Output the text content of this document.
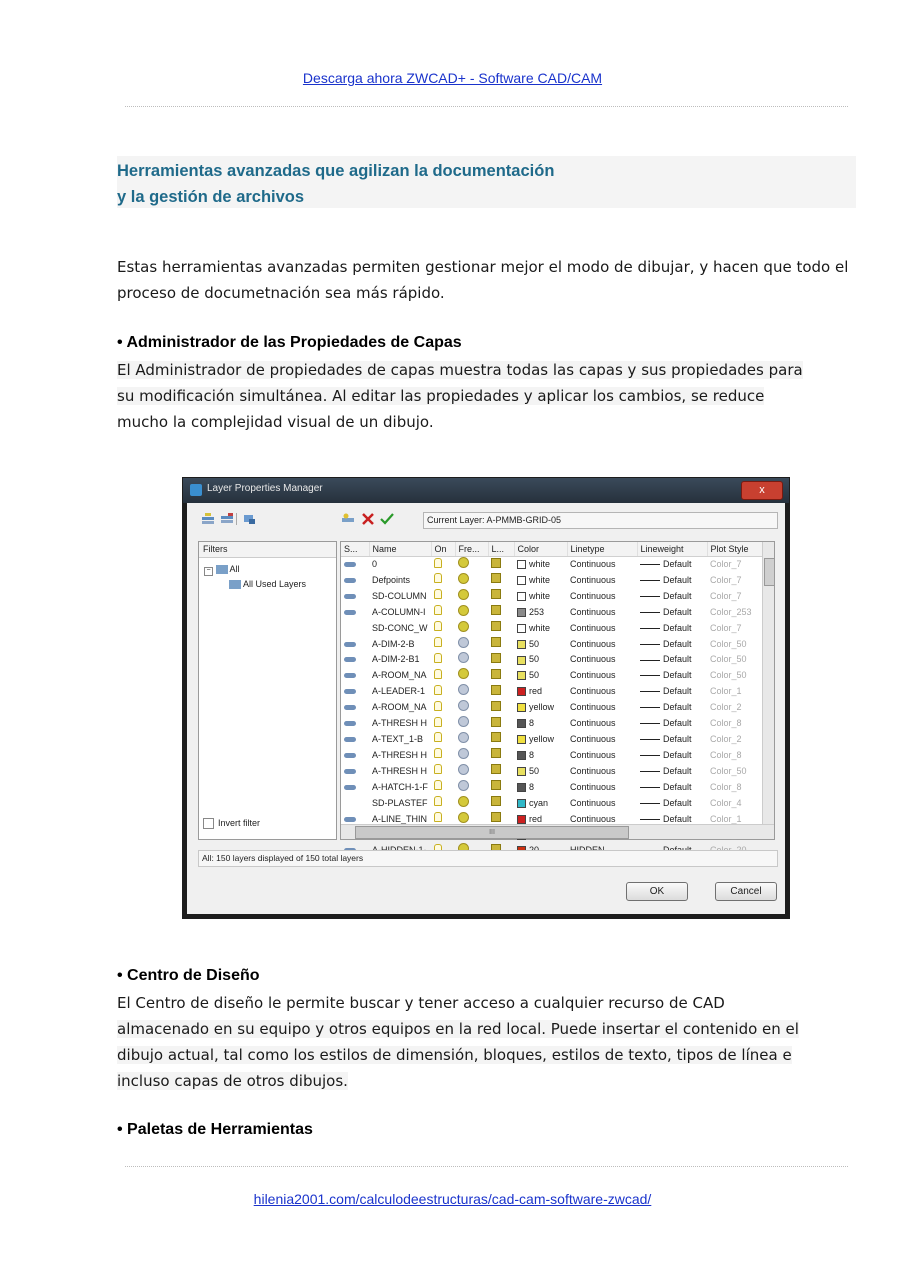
Descarga ahora ZWCAD+ - Software CAD/CAM
Herramientas avanzadas que agilizan la documentación
y la gestión de archivos
Estas herramientas avanzadas permiten gestionar mejor el modo de dibujar, y hacen que todo el proceso de documetnación sea más rápido.
• Administrador de las Propiedades de Capas
El Administrador de propiedades de capas muestra todas las capas y sus propiedades para
su modificación simultánea. Al editar las propiedades y aplicar los cambios, se reduce
mucho la complejidad visual de un dibujo.
Layer Properties Manager	x
Current Layer: A-PMMB-GRID-05
Filters
− All
All Used Layers
Invert filter
S...	Name	On	Fre...	L...	Color	Linetype	Lineweight	Plot Style
	0				white	Continuous	Default	Color_7
	Defpoints				white	Continuous	Default	Color_7
	SD-COLUMN				white	Continuous	Default	Color_7
	A-COLUMN-I				253	Continuous	Default	Color_253
	SD-CONC_W				white	Continuous	Default	Color_7
	A-DIM-2-B				50	Continuous	Default	Color_50
	A-DIM-2-B1				50	Continuous	Default	Color_50
	A-ROOM_NA				50	Continuous	Default	Color_50
	A-LEADER-1				red	Continuous	Default	Color_1
	A-ROOM_NA				yellow	Continuous	Default	Color_2
	A-THRESH H				8	Continuous	Default	Color_8
	A-TEXT_1-B				yellow	Continuous	Default	Color_2
	A-THRESH H				8	Continuous	Default	Color_8
	A-THRESH H				50	Continuous	Default	Color_50
	A-HATCH-1-F				8	Continuous	Default	Color_8
	SD-PLASTEF				cyan	Continuous	Default	Color_4
	A-LINE_THIN				red	Continuous	Default	Color_1

III
All: 150 layers displayed of 150 total layers
OK	Cancel
• Centro de Diseño
El Centro de diseño le permite buscar y tener acceso a cualquier recurso de CAD
almacenado en su equipo y otros equipos en la red local. Puede insertar el contenido en el
dibujo actual, tal como los estilos de dimensión, bloques, estilos de texto, tipos de línea e
incluso capas de otros dibujos.
• Paletas de Herramientas
hilenia2001.com/calculodeestructuras/cad-cam-software-zwcad/
